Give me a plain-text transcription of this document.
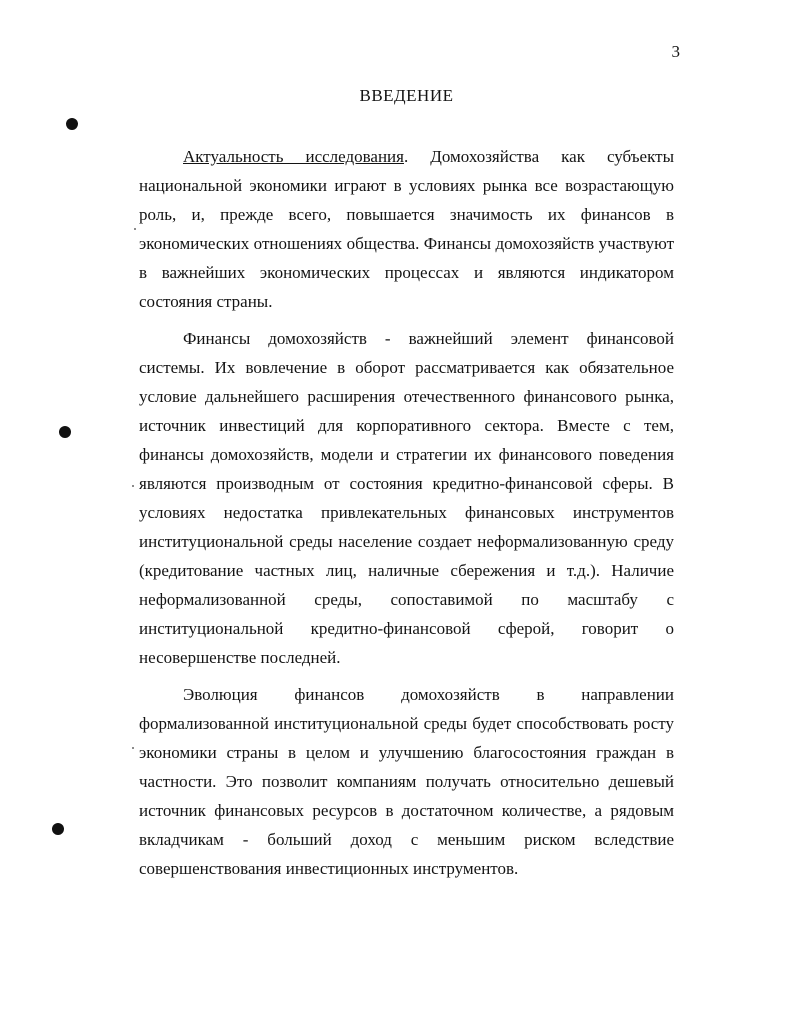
3
ВВЕДЕНИЕ

Актуальность исследования. Домохозяйства как субъекты национальной экономики играют в условиях рынка все возрастающую роль, и, прежде всего, повышается значимость их финансов в экономических отношениях общества. Финансы домохозяйств участвуют в важнейших экономических процессах и являются индикатором состояния страны.

Финансы домохозяйств - важнейший элемент финансовой системы. Их вовлечение в оборот рассматривается как обязательное условие дальнейшего расширения отечественного финансового рынка, источник инвестиций для корпоративного сектора. Вместе с тем, финансы домохозяйств, модели и стратегии их финансового поведения являются производным от состояния кредитно-финансовой сферы. В условиях недостатка привлекательных финансовых инструментов институциональной среды население создает неформализованную среду (кредитование частных лиц, наличные сбережения и т.д.). Наличие неформализованной среды, сопоставимой по масштабу с институциональной кредитно-финансовой сферой, говорит о несовершенстве последней.

Эволюция финансов домохозяйств в направлении формализованной институциональной среды будет способствовать росту экономики страны в целом и улучшению благосостояния граждан в частности. Это позволит компаниям получать относительно дешевый источник финансовых ресурсов в достаточном количестве, а рядовым вкладчикам - больший доход с меньшим риском вследствие совершенствования инвестиционных инструментов.
